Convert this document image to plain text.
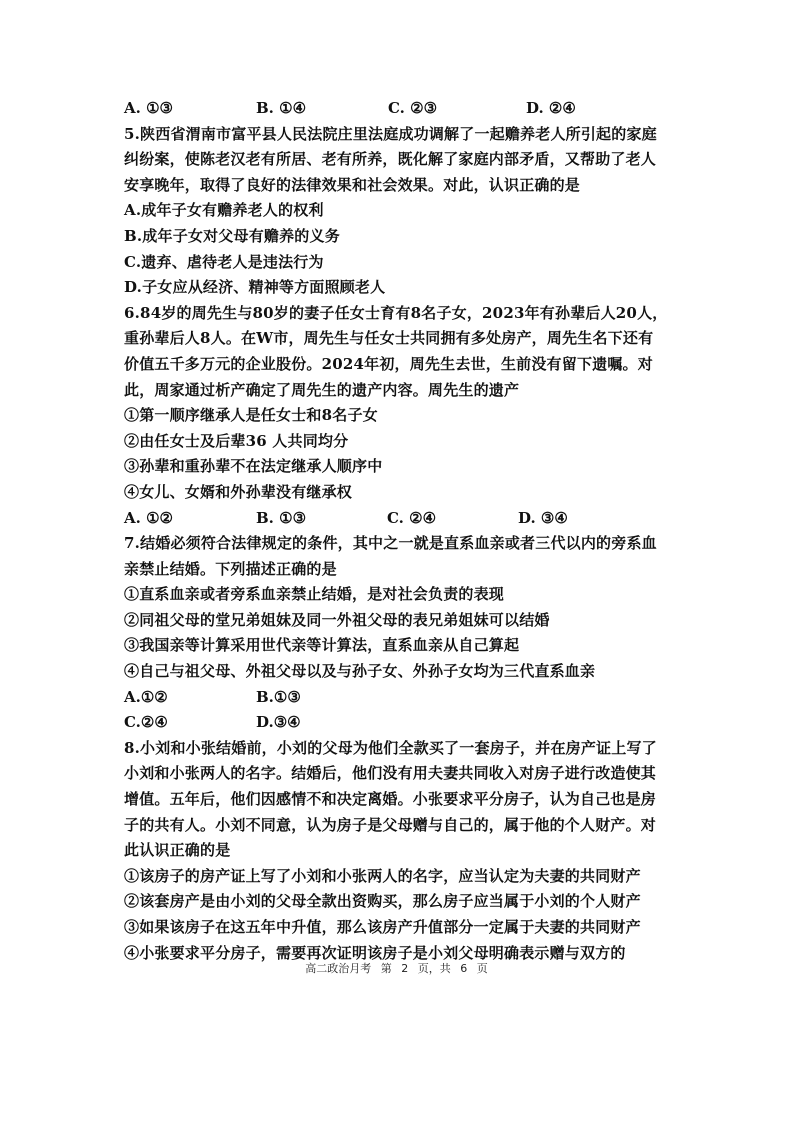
A. ①③	B. ①④	C. ②③	D. ②④
5.陕西省渭南市富平县人民法院庄里法庭成功调解了一起赡养老人所引起的家庭
纠纷案，使陈老汉老有所居、老有所养，既化解了家庭内部矛盾，又帮助了老人
安享晚年，取得了良好的法律效果和社会效果。对此，认识正确的是
A.成年子女有赡养老人的权利
B.成年子女对父母有赡养的义务
C.遗弃、虐待老人是违法行为
D.子女应从经济、精神等方面照顾老人
6.84岁的周先生与80岁的妻子任女士育有8名子女，2023年有孙辈后人20人，
重孙辈后人8人。在W市，周先生与任女士共同拥有多处房产，周先生名下还有
价值五千多万元的企业股份。2024年初，周先生去世，生前没有留下遗嘱。对
此，周家通过析产确定了周先生的遗产内容。周先生的遗产
①第一顺序继承人是任女士和8名子女
②由任女士及后辈36 人共同均分
③孙辈和重孙辈不在法定继承人顺序中
④女儿、女婿和外孙辈没有继承权
A. ①②	B. ①③	C. ②④	D. ③④
7.结婚必须符合法律规定的条件，其中之一就是直系血亲或者三代以内的旁系血
亲禁止结婚。下列描述正确的是
①直系血亲或者旁系血亲禁止结婚，是对社会负责的表现
②同祖父母的堂兄弟姐妹及同一外祖父母的表兄弟姐妹可以结婚
③我国亲等计算采用世代亲等计算法，直系血亲从自己算起
④自己与祖父母、外祖父母以及与孙子女、外孙子女均为三代直系血亲
A.①②	B.①③
C.②④	D.③④
8.小刘和小张结婚前，小刘的父母为他们全款买了一套房子，并在房产证上写了
小刘和小张两人的名字。结婚后，他们没有用夫妻共同收入对房子进行改造使其
增值。五年后，他们因感情不和决定离婚。小张要求平分房子，认为自己也是房
子的共有人。小刘不同意，认为房子是父母赠与自己的，属于他的个人财产。对
此认识正确的是
①该房子的房产证上写了小刘和小张两人的名字，应当认定为夫妻的共同财产
②该套房产是由小刘的父母全款出资购买，那么房子应当属于小刘的个人财产
③如果该房子在这五年中升值，那么该房产升值部分一定属于夫妻的共同财产
④小张要求平分房子，需要再次证明该房子是小刘父母明确表示赠与双方的
高二政治月考 第 2 页，共 6 页
